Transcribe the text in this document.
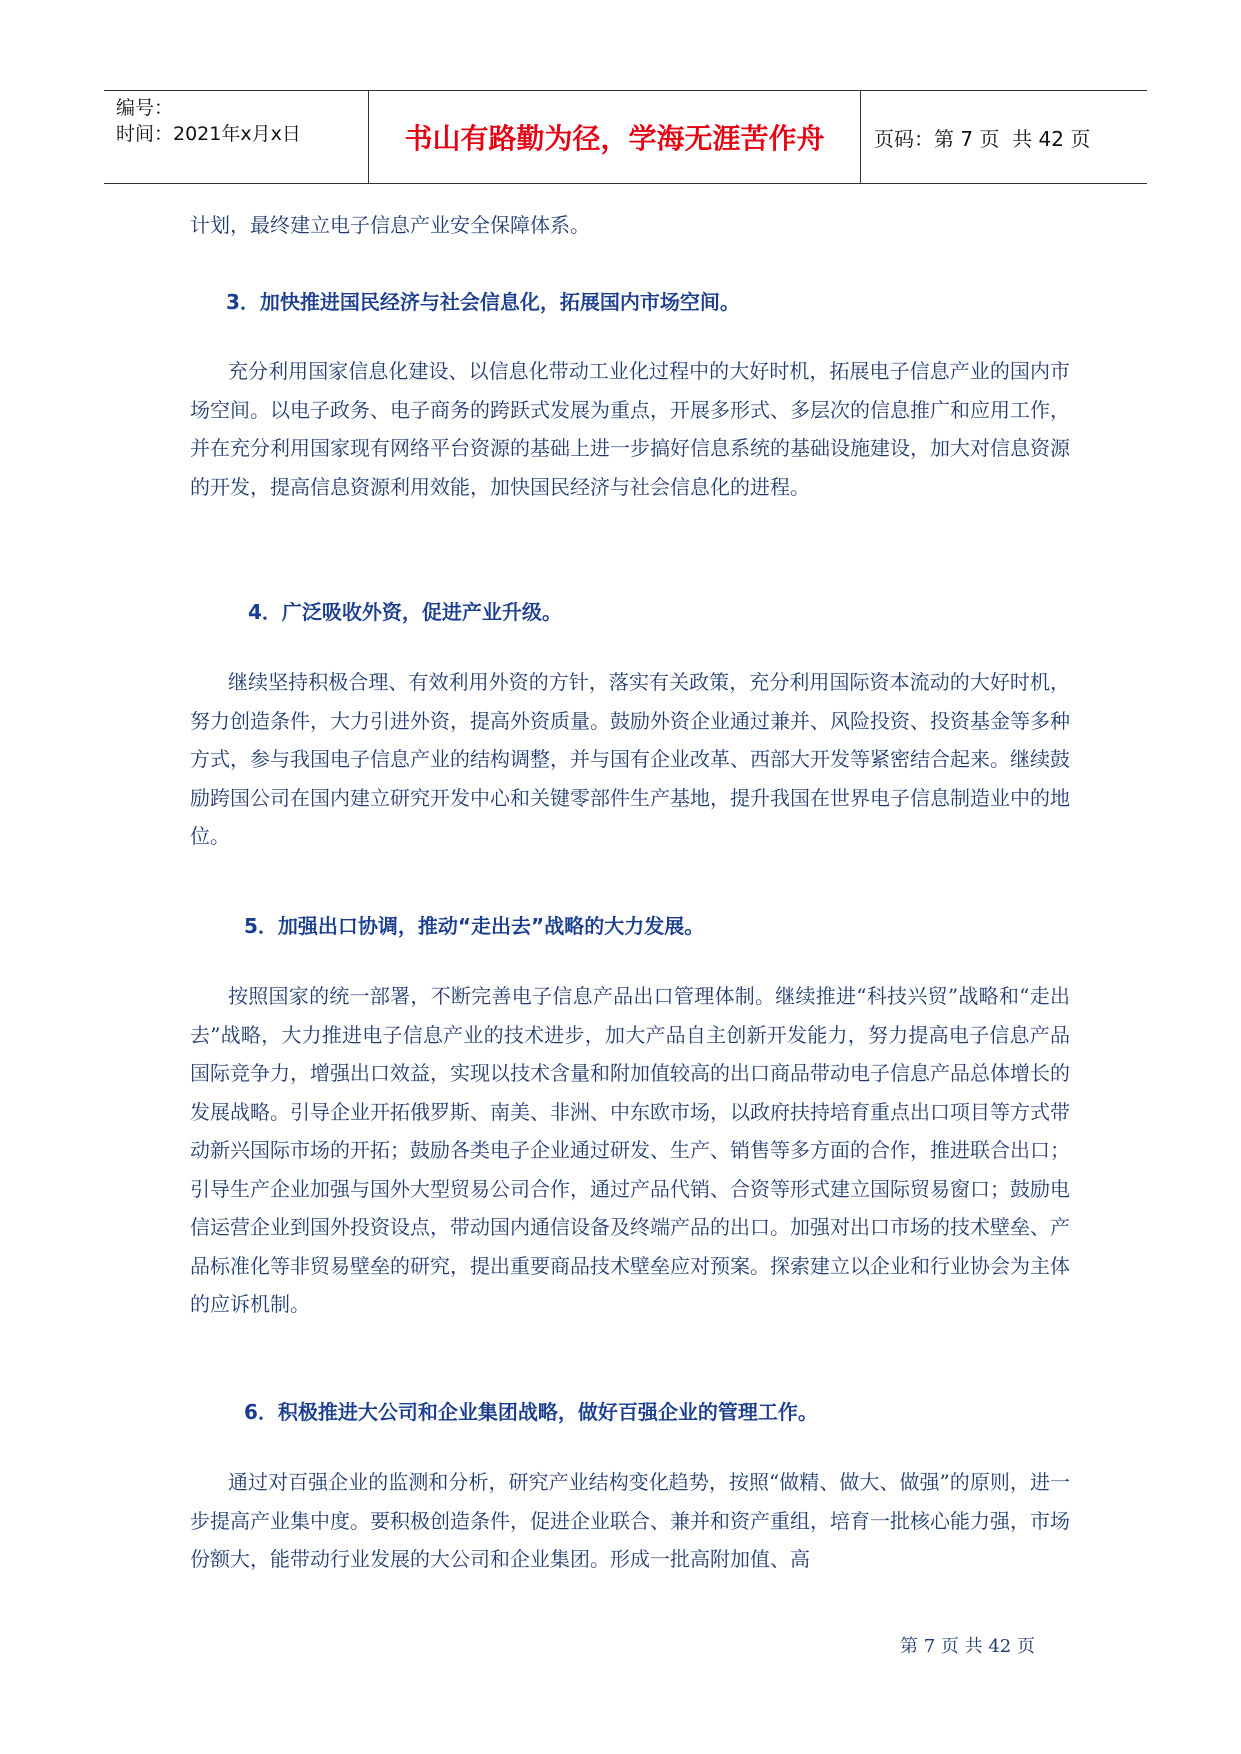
编号：
时间：2021年x月x日	书山有路勤为径，学海无涯苦作舟	页码：第 7 页  共 42 页

计划，最终建立电子信息产业安全保障体系。

3．加快推进国民经济与社会信息化，拓展国内市场空间。

充分利用国家信息化建设、以信息化带动工业化过程中的大好时机，拓展电子信息产业的国内市场空间。以电子政务、电子商务的跨跃式发展为重点，开展多形式、多层次的信息推广和应用工作，并在充分利用国家现有网络平台资源的基础上进一步搞好信息系统的基础设施建设，加大对信息资源的开发，提高信息资源利用效能，加快国民经济与社会信息化的进程。

4．广泛吸收外资，促进产业升级。

继续坚持积极合理、有效利用外资的方针，落实有关政策，充分利用国际资本流动的大好时机，努力创造条件，大力引进外资，提高外资质量。鼓励外资企业通过兼并、风险投资、投资基金等多种方式，参与我国电子信息产业的结构调整，并与国有企业改革、西部大开发等紧密结合起来。继续鼓励跨国公司在国内建立研究开发中心和关键零部件生产基地，提升我国在世界电子信息制造业中的地位。

5．加强出口协调，推动“走出去”战略的大力发展。

按照国家的统一部署，不断完善电子信息产品出口管理体制。继续推进“科技兴贸”战略和“走出去”战略，大力推进电子信息产业的技术进步，加大产品自主创新开发能力，努力提高电子信息产品国际竞争力，增强出口效益，实现以技术含量和附加值较高的出口商品带动电子信息产品总体增长的发展战略。引导企业开拓俄罗斯、南美、非洲、中东欧市场，以政府扶持培育重点出口项目等方式带动新兴国际市场的开拓；鼓励各类电子企业通过研发、生产、销售等多方面的合作，推进联合出口；引导生产企业加强与国外大型贸易公司合作，通过产品代销、合资等形式建立国际贸易窗口；鼓励电信运营企业到国外投资设点，带动国内通信设备及终端产品的出口。加强对出口市场的技术壁垒、产品标准化等非贸易壁垒的研究，提出重要商品技术壁垒应对预案。探索建立以企业和行业协会为主体的应诉机制。

6．积极推进大公司和企业集团战略，做好百强企业的管理工作。

通过对百强企业的监测和分析，研究产业结构变化趋势，按照“做精、做大、做强”的原则，进一步提高产业集中度。要积极创造条件，促进企业联合、兼并和资产重组，培育一批核心能力强，市场份额大，能带动行业发展的大公司和企业集团。形成一批高附加值、高

第 7 页 共 42 页
